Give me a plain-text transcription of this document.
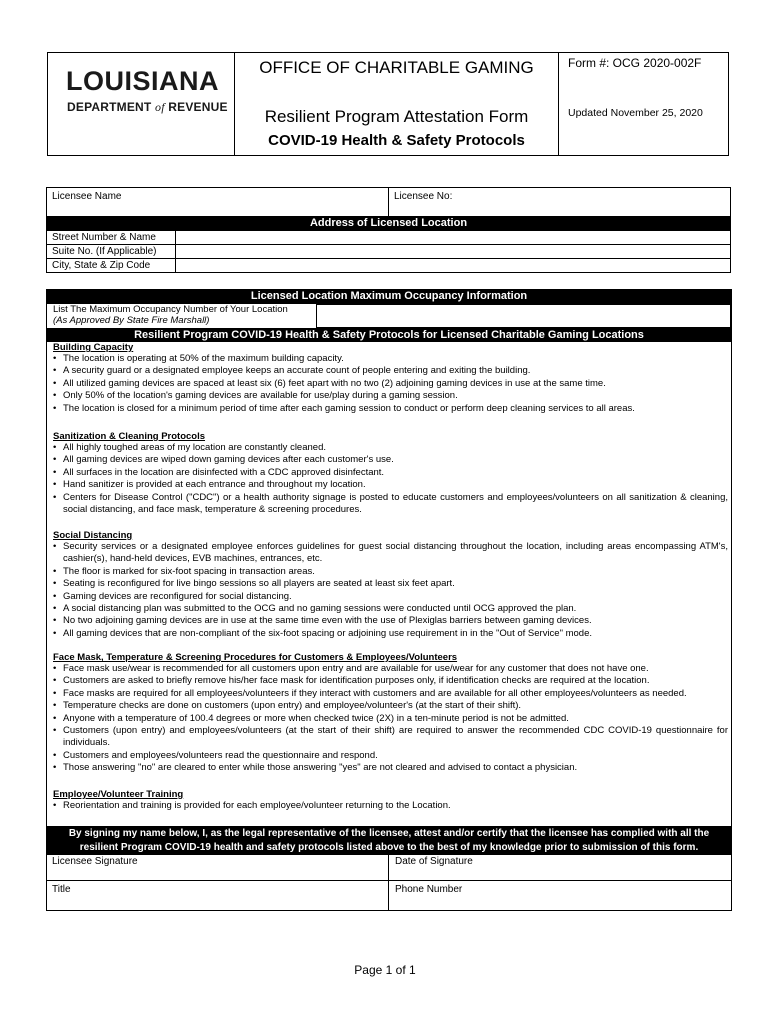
LOUISIANA
DEPARTMENT of REVENUE
OFFICE OF CHARITABLE GAMING
Resilient Program Attestation Form
COVID-19 Health & Safety Protocols
Form #: OCG 2020-002F
Updated November 25, 2020
Licensee Name	Licensee No:
Address of Licensed Location
Street Number & Name
Suite No. (If Applicable)
City, State & Zip Code
Licensed Location Maximum Occupancy Information
List The Maximum Occupancy Number of Your Location
(As Approved By State Fire Marshall)
Resilient Program COVID-19 Health & Safety Protocols for Licensed Charitable Gaming Locations
Building Capacity
• The location is operating at 50% of the maximum building capacity.
• A security guard or a designated employee keeps an accurate count of people entering and exiting the building.
• All utilized gaming devices are spaced at least six (6) feet apart with no two (2) adjoining gaming devices in use at the same time.
• Only 50% of the location's gaming devices are available for use/play during a gaming session.
• The location is closed for a minimum period of time after each gaming session to conduct or perform deep cleaning services to all areas.
Sanitization & Cleaning Protocols
• All highly toughed areas of my location are constantly cleaned.
• All gaming devices are wiped down gaming devices after each customer's use.
• All surfaces in the location are disinfected with a CDC approved disinfectant.
• Hand sanitizer is provided at each entrance and throughout my location.
• Centers for Disease Control ("CDC") or a health authority signage is posted to educate customers and employees/volunteers on all sanitization & cleaning, social distancing, and face mask, temperature & screening procedures.
Social Distancing
• Security services or a designated employee enforces guidelines for guest social distancing throughout the location, including areas encompassing ATM's, cashier(s), hand-held devices, EVB machines, entrances, etc.
• The floor is marked for six-foot spacing in transaction areas.
• Seating is reconfigured for live bingo sessions so all players are seated at least six feet apart.
• Gaming devices are reconfigured for social distancing.
• A social distancing plan was submitted to the OCG and no gaming sessions were conducted until OCG approved the plan.
• No two adjoining gaming devices are in use at the same time even with the use of Plexiglas barriers between gaming devices.
• All gaming devices that are non-compliant of the six-foot spacing or adjoining use requirement in in the "Out of Service" mode.
Face Mask, Temperature & Screening Procedures for Customers & Employees/Volunteers
• Face mask use/wear is recommended for all customers upon entry and are available for use/wear for any customer that does not have one.
• Customers are asked to briefly remove his/her face mask for identification purposes only, if identification checks are required at the location.
• Face masks are required for all employees/volunteers if they interact with customers and are available for all other employees/volunteers as needed.
• Temperature checks are done on customers (upon entry) and employee/volunteer's (at the start of their shift).
• Anyone with a temperature of 100.4 degrees or more when checked twice (2X) in a ten-minute period is not be admitted.
• Customers (upon entry) and employees/volunteers (at the start of their shift) are required to answer the recommended CDC COVID-19 questionnaire for individuals.
• Customers and employees/volunteers read the questionnaire and respond.
• Those answering "no" are cleared to enter while those answering "yes" are not cleared and advised to contact a physician.
Employee/Volunteer Training
• Reorientation and training is provided for each employee/volunteer returning to the Location.
By signing my name below, I, as the legal representative of the licensee, attest and/or certify that the licensee has complied with all the
resilient Program COVID-19 health and safety protocols listed above to the best of my knowledge prior to submission of this form.
Licensee Signature	Date of Signature
Title	Phone Number
Page 1 of 1
